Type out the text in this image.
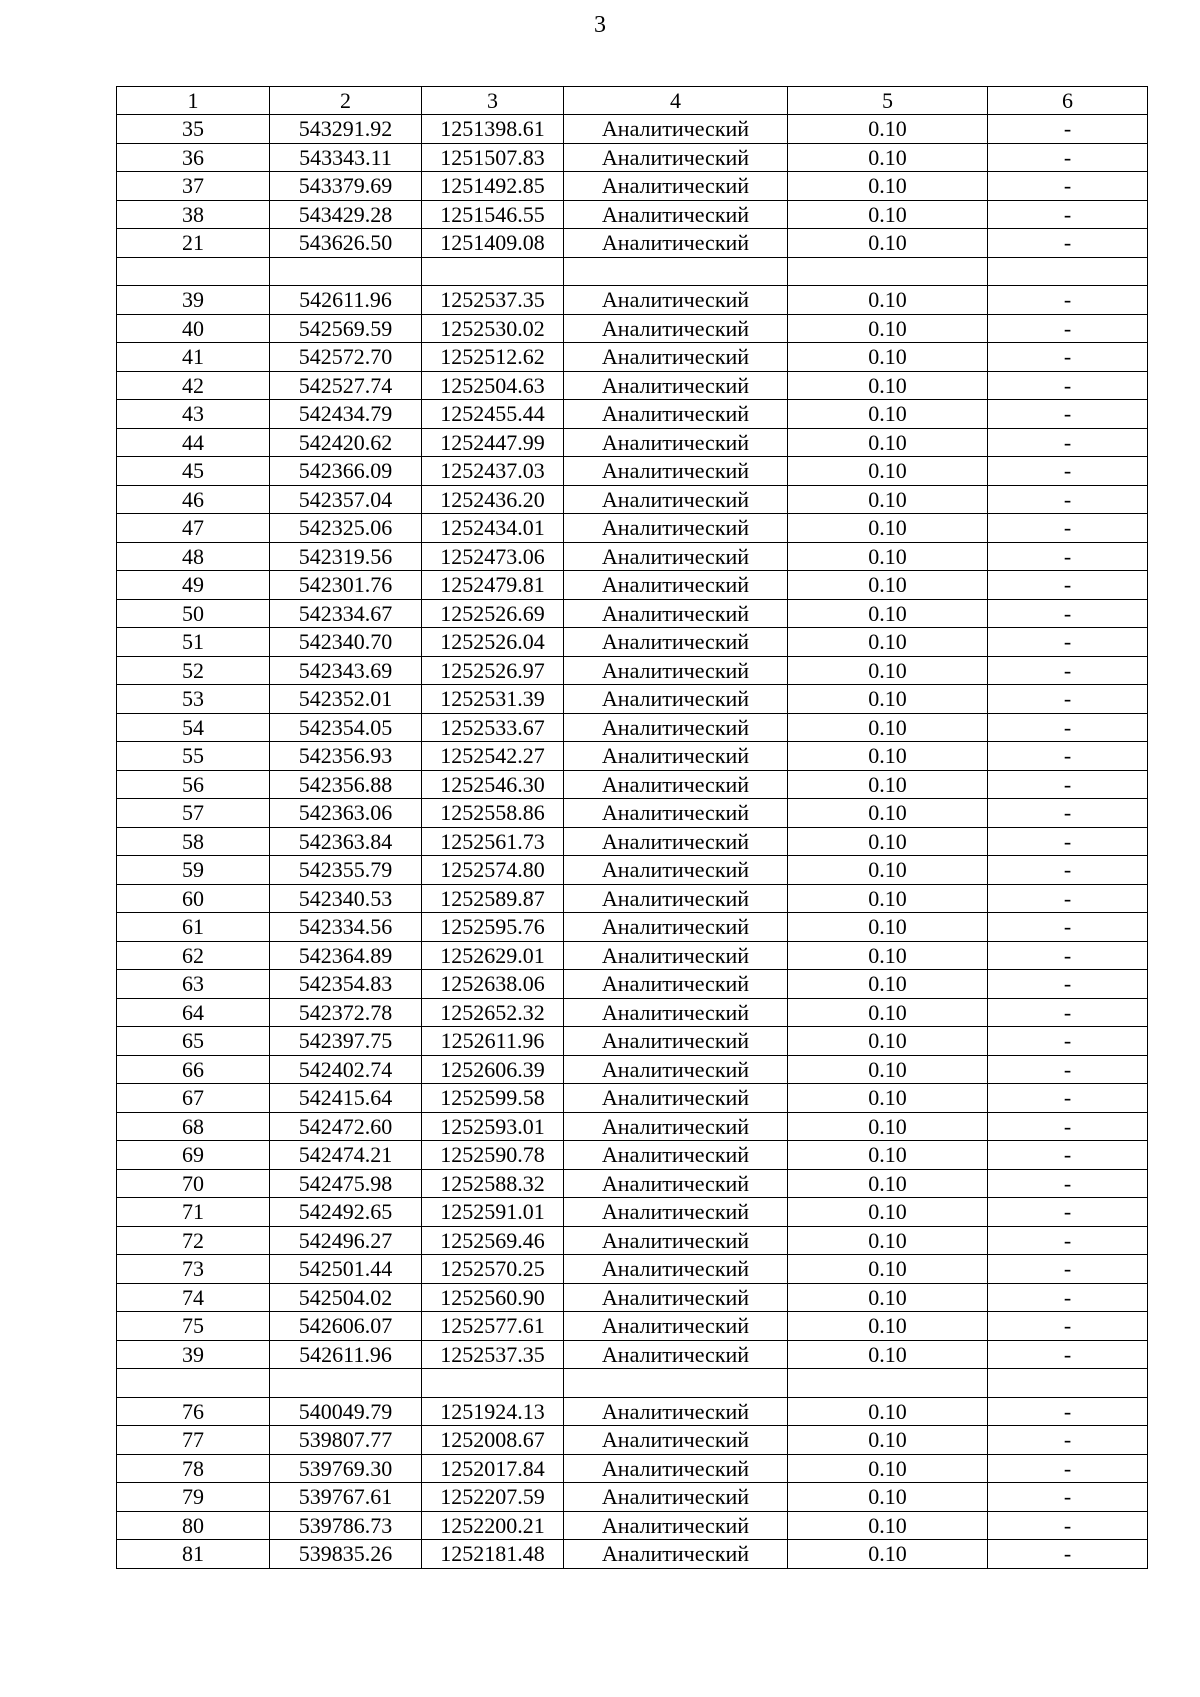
3
1	2	3	4	5	6
35	543291.92	1251398.61	Аналитический	0.10	-
36	543343.11	1251507.83	Аналитический	0.10	-
37	543379.69	1251492.85	Аналитический	0.10	-
38	543429.28	1251546.55	Аналитический	0.10	-
21	543626.50	1251409.08	Аналитический	0.10	-

39	542611.96	1252537.35	Аналитический	0.10	-
40	542569.59	1252530.02	Аналитический	0.10	-
41	542572.70	1252512.62	Аналитический	0.10	-
42	542527.74	1252504.63	Аналитический	0.10	-
43	542434.79	1252455.44	Аналитический	0.10	-
44	542420.62	1252447.99	Аналитический	0.10	-
45	542366.09	1252437.03	Аналитический	0.10	-
46	542357.04	1252436.20	Аналитический	0.10	-
47	542325.06	1252434.01	Аналитический	0.10	-
48	542319.56	1252473.06	Аналитический	0.10	-
49	542301.76	1252479.81	Аналитический	0.10	-
50	542334.67	1252526.69	Аналитический	0.10	-
51	542340.70	1252526.04	Аналитический	0.10	-
52	542343.69	1252526.97	Аналитический	0.10	-
53	542352.01	1252531.39	Аналитический	0.10	-
54	542354.05	1252533.67	Аналитический	0.10	-
55	542356.93	1252542.27	Аналитический	0.10	-
56	542356.88	1252546.30	Аналитический	0.10	-
57	542363.06	1252558.86	Аналитический	0.10	-
58	542363.84	1252561.73	Аналитический	0.10	-
59	542355.79	1252574.80	Аналитический	0.10	-
60	542340.53	1252589.87	Аналитический	0.10	-
61	542334.56	1252595.76	Аналитический	0.10	-
62	542364.89	1252629.01	Аналитический	0.10	-
63	542354.83	1252638.06	Аналитический	0.10	-
64	542372.78	1252652.32	Аналитический	0.10	-
65	542397.75	1252611.96	Аналитический	0.10	-
66	542402.74	1252606.39	Аналитический	0.10	-
67	542415.64	1252599.58	Аналитический	0.10	-
68	542472.60	1252593.01	Аналитический	0.10	-
69	542474.21	1252590.78	Аналитический	0.10	-
70	542475.98	1252588.32	Аналитический	0.10	-
71	542492.65	1252591.01	Аналитический	0.10	-
72	542496.27	1252569.46	Аналитический	0.10	-
73	542501.44	1252570.25	Аналитический	0.10	-
74	542504.02	1252560.90	Аналитический	0.10	-
75	542606.07	1252577.61	Аналитический	0.10	-
39	542611.96	1252537.35	Аналитический	0.10	-

76	540049.79	1251924.13	Аналитический	0.10	-
77	539807.77	1252008.67	Аналитический	0.10	-
78	539769.30	1252017.84	Аналитический	0.10	-
79	539767.61	1252207.59	Аналитический	0.10	-
80	539786.73	1252200.21	Аналитический	0.10	-
81	539835.26	1252181.48	Аналитический	0.10	-
